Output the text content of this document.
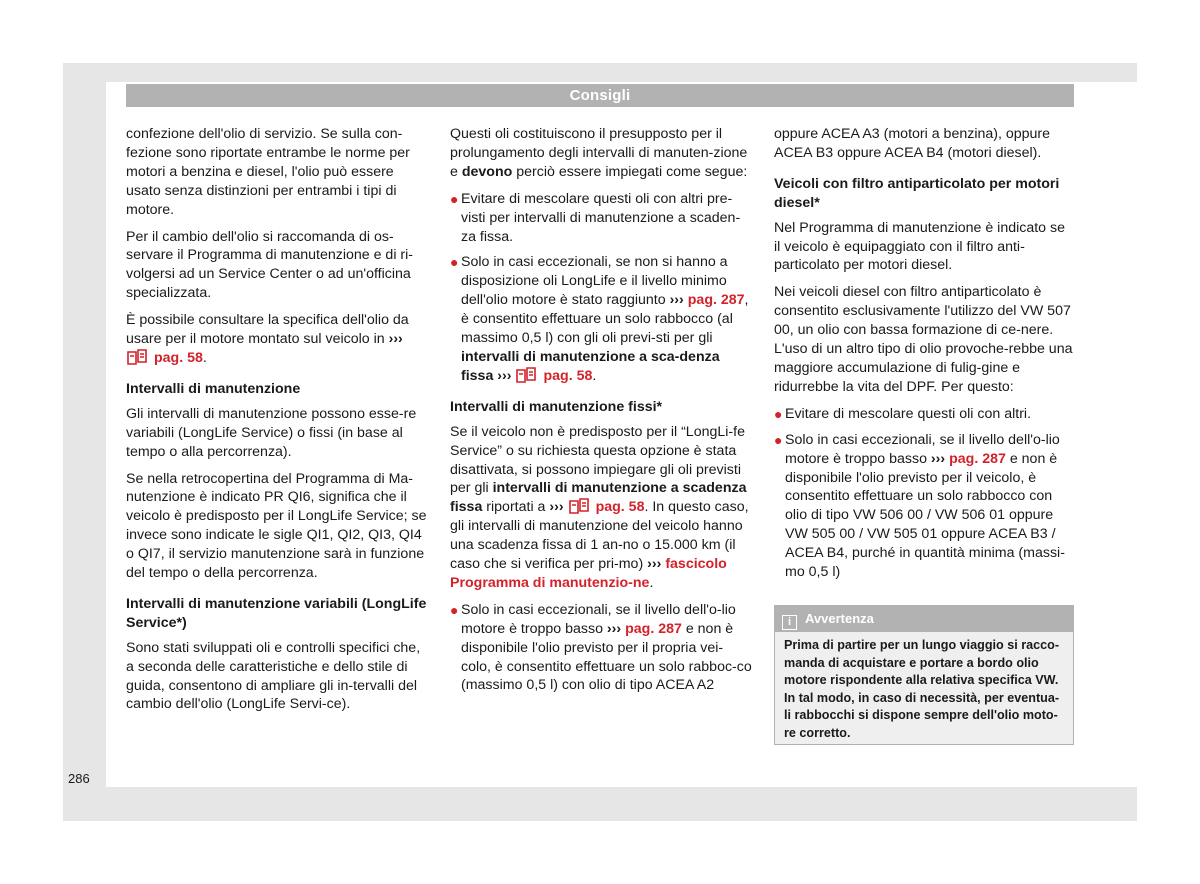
Consigli

confezione dell'olio di servizio. Se sulla con-fezione sono riportate entrambe le norme per motori a benzina e diesel, l'olio può essere usato senza distinzioni per entrambi i tipi di motore.

Per il cambio dell'olio si raccomanda di os-servare il Programma di manutenzione e di ri-volgersi ad un Service Center o ad un'officina specializzata.

È possibile consultare la specifica dell'olio da usare per il motore montato sul veicolo in ›››pag. 58.

Intervalli di manutenzione

Gli intervalli di manutenzione possono esse-re variabili (LongLife Service) o fissi (in base al tempo o alla percorrenza).

Se nella retrocopertina del Programma di Ma-nutenzione è indicato PR QI6, significa che il veicolo è predisposto per il LongLife Service; se invece sono indicate le sigle QI1, QI2, QI3, QI4 o QI7, il servizio manutenzione sarà in funzione del tempo o della percorrenza.

Intervalli di manutenzione variabili (LongLife Service*)

Sono stati sviluppati oli e controlli specifici che, a seconda delle caratteristiche e dello stile di guida, consentono di ampliare gli in-tervalli del cambio dell'olio (LongLife Servi-ce).

Questi oli costituiscono il presupposto per il prolungamento degli intervalli di manuten-zione e devono perciò essere impiegati come segue:

● Evitare di mescolare questi oli con altri pre-visti per intervalli di manutenzione a scaden-za fissa.
● Solo in casi eccezionali, se non si hanno a disposizione oli LongLife e il livello minimo dell'olio motore è stato raggiunto ››› pag. 287, è consentito effettuare un solo rabbocco (al massimo 0,5 l) con gli oli previ-sti per gli intervalli di manutenzione a sca-denza fissa ››› pag. 58.
Intervalli di manutenzione fissi*

Se il veicolo non è predisposto per il “LongLi-fe Service” o su richiesta questa opzione è stata disattivata, si possono impiegare gli oli previsti per gli intervalli di manutenzione a scadenza fissa riportati a ››› pag. 58. In questo caso, gli intervalli di manutenzione del veicolo hanno una scadenza fissa di 1 an-no o 15.000 km (il caso che si verifica per pri-mo) ››› fascicolo Programma di manutenzio-ne.

● Solo in casi eccezionali, se il livello dell'o-lio motore è troppo basso ››› pag. 287 e non è disponibile l'olio previsto per il propria vei-colo, è consentito effettuare un solo rabboc-co (massimo 0,5 l) con olio di tipo ACEA A2

oppure ACEA A3 (motori a benzina), oppure ACEA B3 oppure ACEA B4 (motori diesel).

Veicoli con filtro antiparticolato per motori diesel*

Nel Programma di manutenzione è indicato se il veicolo è equipaggiato con il filtro anti-particolato per motori diesel.

Nei veicoli diesel con filtro antiparticolato è consentito esclusivamente l'utilizzo del VW 507 00, un olio con bassa formazione di ce-nere. L'uso di un altro tipo di olio provoche-rebbe una maggiore accumulazione di fulig-gine e ridurrebbe la vita del DPF. Per questo:

● Evitare di mescolare questi oli con altri.
● Solo in casi eccezionali, se il livello dell'o-lio motore è troppo basso ››› pag. 287 e non è disponibile l'olio previsto per il veicolo, è consentito effettuare un solo rabbocco con olio di tipo VW 506 00 / VW 506 01 oppure VW 505 00 / VW 505 01 oppure ACEA B3 / ACEA B4, purché in quantità minima (massi-mo 0,5 l)
i Avvertenza
Prima di partire per un lungo viaggio si racco-manda di acquistare e portare a bordo olio motore rispondente alla relativa specifica VW. In tal modo, in caso di necessità, per eventua-li rabbocchi si dispone sempre dell'olio moto-re corretto.
286
